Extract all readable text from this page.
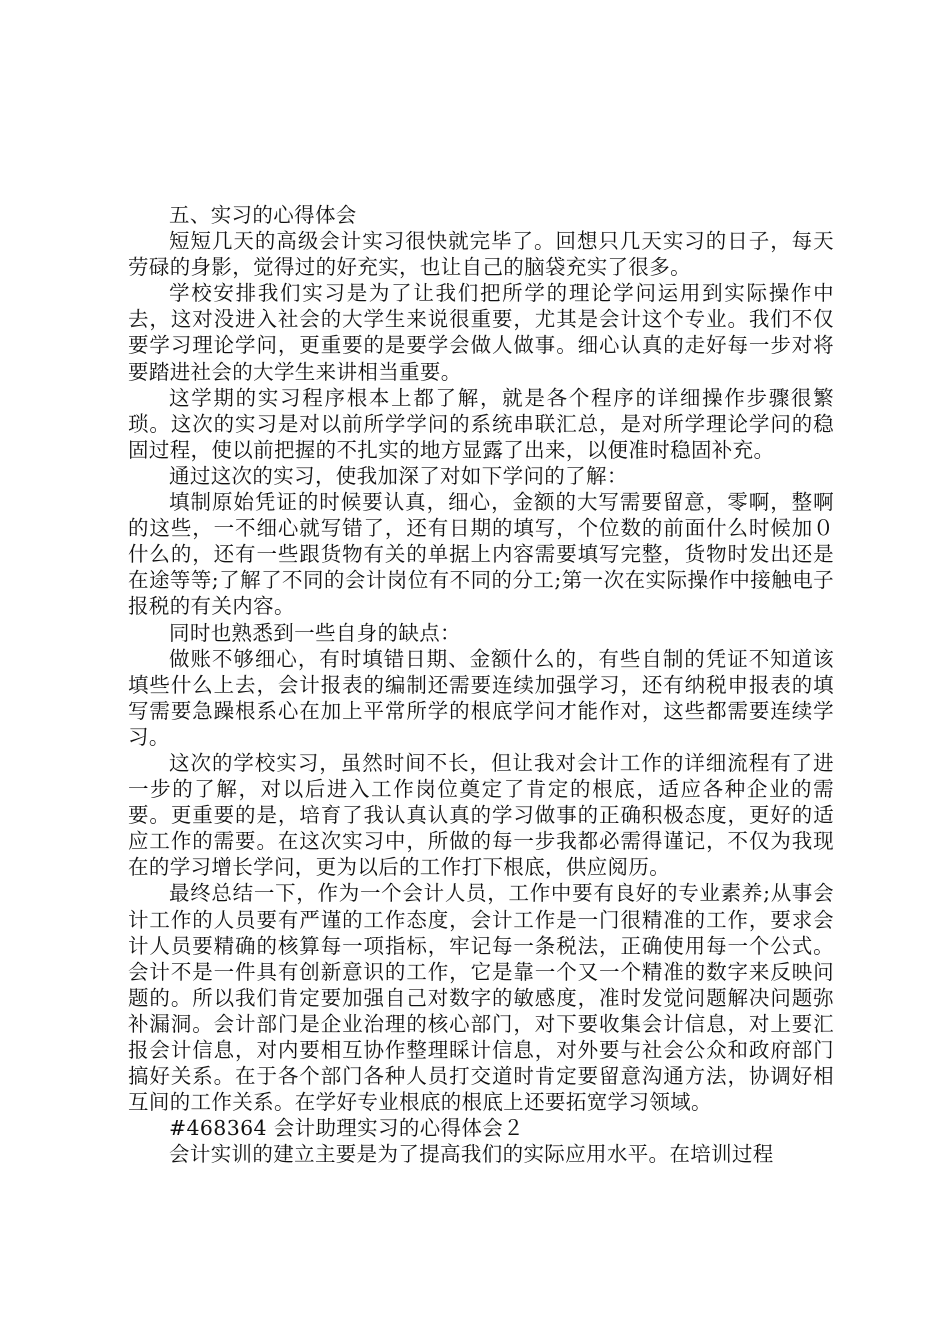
五、实习的心得体会

短短几天的高级会计实习很快就完毕了。回想只几天实习的日子，每天劳碌的身影，觉得过的好充实，也让自己的脑袋充实了很多。

学校安排我们实习是为了让我们把所学的理论学问运用到实际操作中去，这对没进入社会的大学生来说很重要，尤其是会计这个专业。我们不仅要学习理论学问，更重要的是要学会做人做事。细心认真的走好每一步对将要踏进社会的大学生来讲相当重要。

这学期的实习程序根本上都了解，就是各个程序的详细操作步骤很繁琐。这次的实习是对以前所学学问的系统串联汇总，是对所学理论学问的稳固过程，使以前把握的不扎实的地方显露了出来，以便准时稳固补充。

通过这次的实习，使我加深了对如下学问的了解：

填制原始凭证的时候要认真，细心，金额的大写需要留意，零啊，整啊的这些，一不细心就写错了，还有日期的填写，个位数的前面什么时候加０什么的，还有一些跟货物有关的单据上内容需要填写完整，货物时发出还是在途等等;了解了不同的会计岗位有不同的分工;第一次在实际操作中接触电子报税的有关内容。

同时也熟悉到一些自身的缺点：

做账不够细心，有时填错日期、金额什么的，有些自制的凭证不知道该填些什么上去，会计报表的编制还需要连续加强学习，还有纳税申报表的填写需要急躁根系心在加上平常所学的根底学问才能作对，这些都需要连续学习。

这次的学校实习，虽然时间不长，但让我对会计工作的详细流程有了进一步的了解，对以后进入工作岗位奠定了肯定的根底，适应各种企业的需要。更重要的是，培育了我认真认真的学习做事的正确积极态度，更好的适应工作的需要。在这次实习中，所做的每一步我都必需得谨记，不仅为我现在的学习增长学问，更为以后的工作打下根底，供应阅历。

最终总结一下，作为一个会计人员，工作中要有良好的专业素养;从事会计工作的人员要有严谨的工作态度，会计工作是一门很精准的工作，要求会计人员要精确的核算每一项指标，牢记每一条税法，正确使用每一个公式。会计不是一件具有创新意识的工作，它是靠一个又一个精准的数字来反映问题的。所以我们肯定要加强自己对数字的敏感度，准时发觉问题解决问题弥补漏洞。会计部门是企业治理的核心部门，对下要收集会计信息，对上要汇报会计信息，对内要相互协作整理睬计信息，对外要与社会公众和政府部门搞好关系。在于各个部门各种人员打交道时肯定要留意沟通方法，协调好相互间的工作关系。在学好专业根底的根底上还要拓宽学习领域。

#468364 会计助理实习的心得体会２

会计实训的建立主要是为了提高我们的实际应用水平。在培训过程
